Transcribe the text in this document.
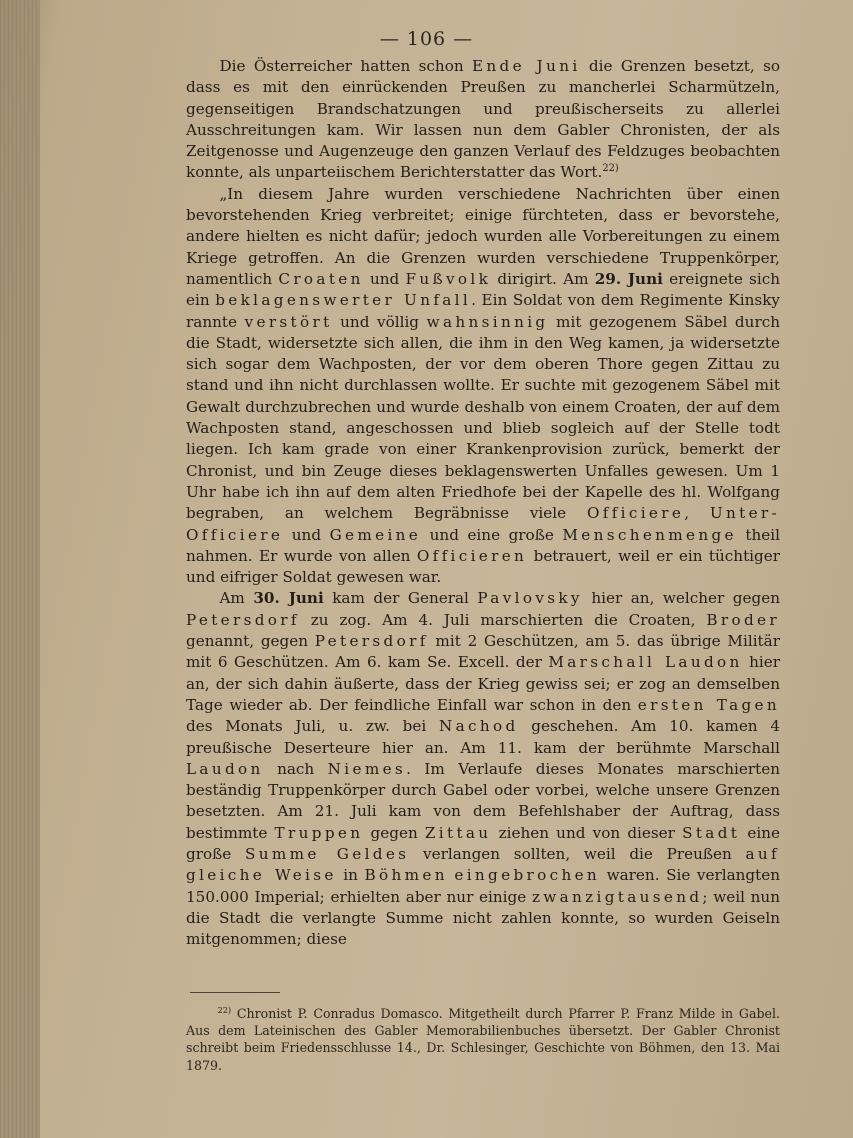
— 106 —

Die Österreicher hatten schon Ende Juni die Grenzen besetzt, so dass es mit den einrückenden Preußen zu mancherlei Scharmützeln, gegenseitigen Brandschatzungen und preußischerseits zu allerlei Ausschreitungen kam. Wir lassen nun dem Gabler Chronisten, der als Zeitgenosse und Augenzeuge den ganzen Verlauf des Feldzuges beobachten konnte, als unparteiischem Berichterstatter das Wort.$^{22)}$

„In diesem Jahre wurden verschiedene Nachrichten über einen bevorstehenden Krieg verbreitet; einige fürchteten, dass er bevorstehe, andere hielten es nicht dafür; jedoch wurden alle Vorbereitungen zu einem Kriege getroffen. An die Grenzen wurden verschiedene Truppenkörper, namentlich Croaten und Fußvolk dirigirt. Am 29. Juni ereignete sich ein beklagenswerter Unfall. Ein Soldat von dem Regimente Kinsky rannte verstört und völlig wahnsinnig mit gezogenem Säbel durch die Stadt, widersetzte sich allen, die ihm in den Weg kamen, ja widersetzte sich sogar dem Wachposten, der vor dem oberen Thore gegen Zittau zu stand und ihn nicht durchlassen wollte. Er suchte mit gezogenem Säbel mit Gewalt durchzubrechen und wurde deshalb von einem Croaten, der auf dem Wachposten stand, angeschossen und blieb sogleich auf der Stelle todt liegen. Ich kam grade von einer Krankenprovision zurück, bemerkt der Chronist, und bin Zeuge dieses beklagenswerten Unfalles gewesen. Um 1 Uhr habe ich ihn auf dem alten Friedhofe bei der Kapelle des hl. Wolfgang begraben, an welchem Begräbnisse viele Officiere, Unter-Officiere und Gemeine und eine große Menschenmenge theil nahmen. Er wurde von allen Officieren betrauert, weil er ein tüchtiger und eifriger Soldat gewesen war.

Am 30. Juni kam der General Pavlovsky hier an, welcher gegen Petersdorf zu zog. Am 4. Juli marschierten die Croaten, Broder genannt, gegen Petersdorf mit 2 Geschützen, am 5. das übrige Militär mit 6 Geschützen. Am 6. kam Se. Excell. der Marschall Laudon hier an, der sich dahin äußerte, dass der Krieg gewiss sei; er zog an demselben Tage wieder ab. Der feindliche Einfall war schon in den ersten Tagen des Monats Juli, u. zw. bei Nachod geschehen. Am 10. kamen 4 preußische Deserteure hier an. Am 11. kam der berühmte Marschall Laudon nach Niemes. Im Verlaufe dieses Monates marschierten beständig Truppenkörper durch Gabel oder vorbei, welche unsere Grenzen besetzten. Am 21. Juli kam von dem Befehlshaber der Auftrag, dass bestimmte Truppen gegen Zittau ziehen und von dieser Stadt eine große Summe Geldes verlangen sollten, weil die Preußen auf gleiche Weise in Böhmen eingebrochen waren. Sie verlangten 150.000 Imperial; erhielten aber nur einige zwanzigtausend; weil nun die Stadt die verlangte Summe nicht zahlen konnte, so wurden Geiseln mitgenommen; diese

$^{22)}$ Chronist P. Conradus Domasco. Mitgetheilt durch Pfarrer P. Franz Milde in Gabel. Aus dem Lateinischen des Gabler Memorabilienbuches übersetzt. Der Gabler Chronist schreibt beim Friedensschlusse 14., Dr. Schlesinger, Geschichte von Böhmen, den 13. Mai 1879.
